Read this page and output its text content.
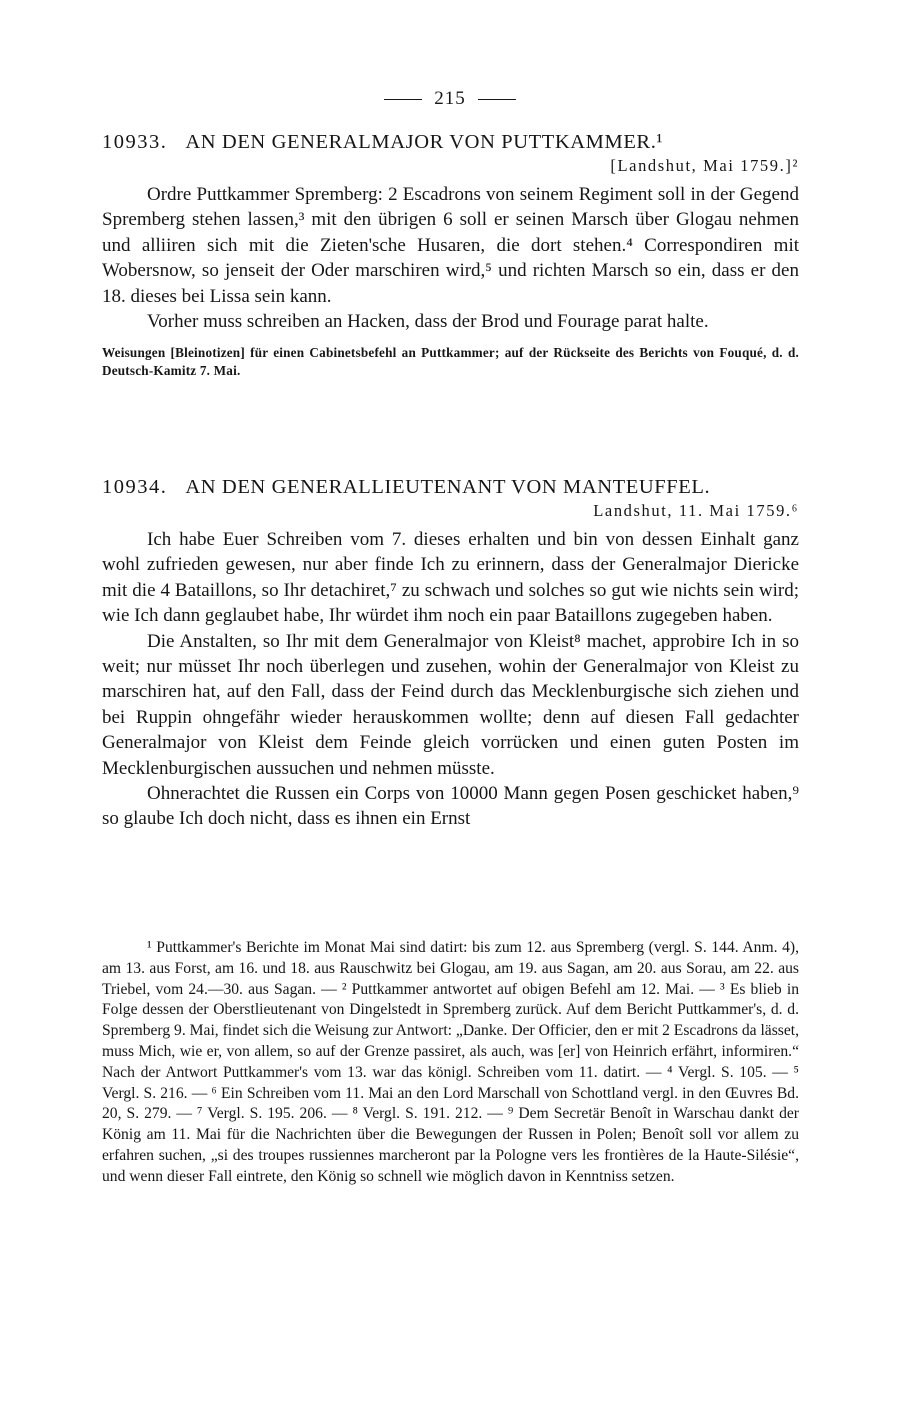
215
10933. AN DEN GENERALMAJOR VON PUTTKAMMER.¹
[Landshut, Mai 1759.]²

Ordre Puttkammer Spremberg: 2 Escadrons von seinem Regiment soll in der Gegend Spremberg stehen lassen,³ mit den übrigen 6 soll er seinen Marsch über Glogau nehmen und alliiren sich mit die Zieten'sche Husaren, die dort stehen.⁴ Correspondiren mit Wobersnow, so jenseit der Oder marschiren wird,⁵ und richten Marsch so ein, dass er den 18. dieses bei Lissa sein kann.

Vorher muss schreiben an Hacken, dass der Brod und Fourage parat halte.

Weisungen [Bleinotizen] für einen Cabinetsbefehl an Puttkammer; auf der Rückseite des Berichts von Fouqué, d. d. Deutsch-Kamitz 7. Mai.
10934. AN DEN GENERALLIEUTENANT VON MANTEUFFEL.
Landshut, 11. Mai 1759.⁶

Ich habe Euer Schreiben vom 7. dieses erhalten und bin von dessen Einhalt ganz wohl zufrieden gewesen, nur aber finde Ich zu erinnern, dass der Generalmajor Diericke mit die 4 Bataillons, so Ihr detachiret,⁷ zu schwach und solches so gut wie nichts sein wird; wie Ich dann geglaubet habe, Ihr würdet ihm noch ein paar Bataillons zugegeben haben.

Die Anstalten, so Ihr mit dem Generalmajor von Kleist⁸ machet, approbire Ich in so weit; nur müsset Ihr noch überlegen und zusehen, wohin der Generalmajor von Kleist zu marschiren hat, auf den Fall, dass der Feind durch das Mecklenburgische sich ziehen und bei Ruppin ohngefähr wieder herauskommen wollte; denn auf diesen Fall gedachter Generalmajor von Kleist dem Feinde gleich vorrücken und einen guten Posten im Mecklenburgischen aussuchen und nehmen müsste.

Ohnerachtet die Russen ein Corps von 10000 Mann gegen Posen geschicket haben,⁹ so glaube Ich doch nicht, dass es ihnen ein Ernst

¹ Puttkammer's Berichte im Monat Mai sind datirt: bis zum 12. aus Spremberg (vergl. S. 144. Anm. 4), am 13. aus Forst, am 16. und 18. aus Rauschwitz bei Glogau, am 19. aus Sagan, am 20. aus Sorau, am 22. aus Triebel, vom 24.—30. aus Sagan. — ² Puttkammer antwortet auf obigen Befehl am 12. Mai. — ³ Es blieb in Folge dessen der Oberstlieutenant von Dingelstedt in Spremberg zurück. Auf dem Bericht Puttkammer's, d. d. Spremberg 9. Mai, findet sich die Weisung zur Antwort: „Danke. Der Officier, den er mit 2 Escadrons da lässet, muss Mich, wie er, von allem, so auf der Grenze passiret, als auch, was [er] von Heinrich erfährt, informiren.“ Nach der Antwort Puttkammer's vom 13. war das königl. Schreiben vom 11. datirt. — ⁴ Vergl. S. 105. — ⁵ Vergl. S. 216. — ⁶ Ein Schreiben vom 11. Mai an den Lord Marschall von Schottland vergl. in den Œuvres Bd. 20, S. 279. — ⁷ Vergl. S. 195. 206. — ⁸ Vergl. S. 191. 212. — ⁹ Dem Secretär Benoît in Warschau dankt der König am 11. Mai für die Nachrichten über die Bewegungen der Russen in Polen; Benoît soll vor allem zu erfahren suchen, „si des troupes russiennes marcheront par la Pologne vers les frontières de la Haute-Silésie“, und wenn dieser Fall eintrete, den König so schnell wie möglich davon in Kenntniss setzen.
